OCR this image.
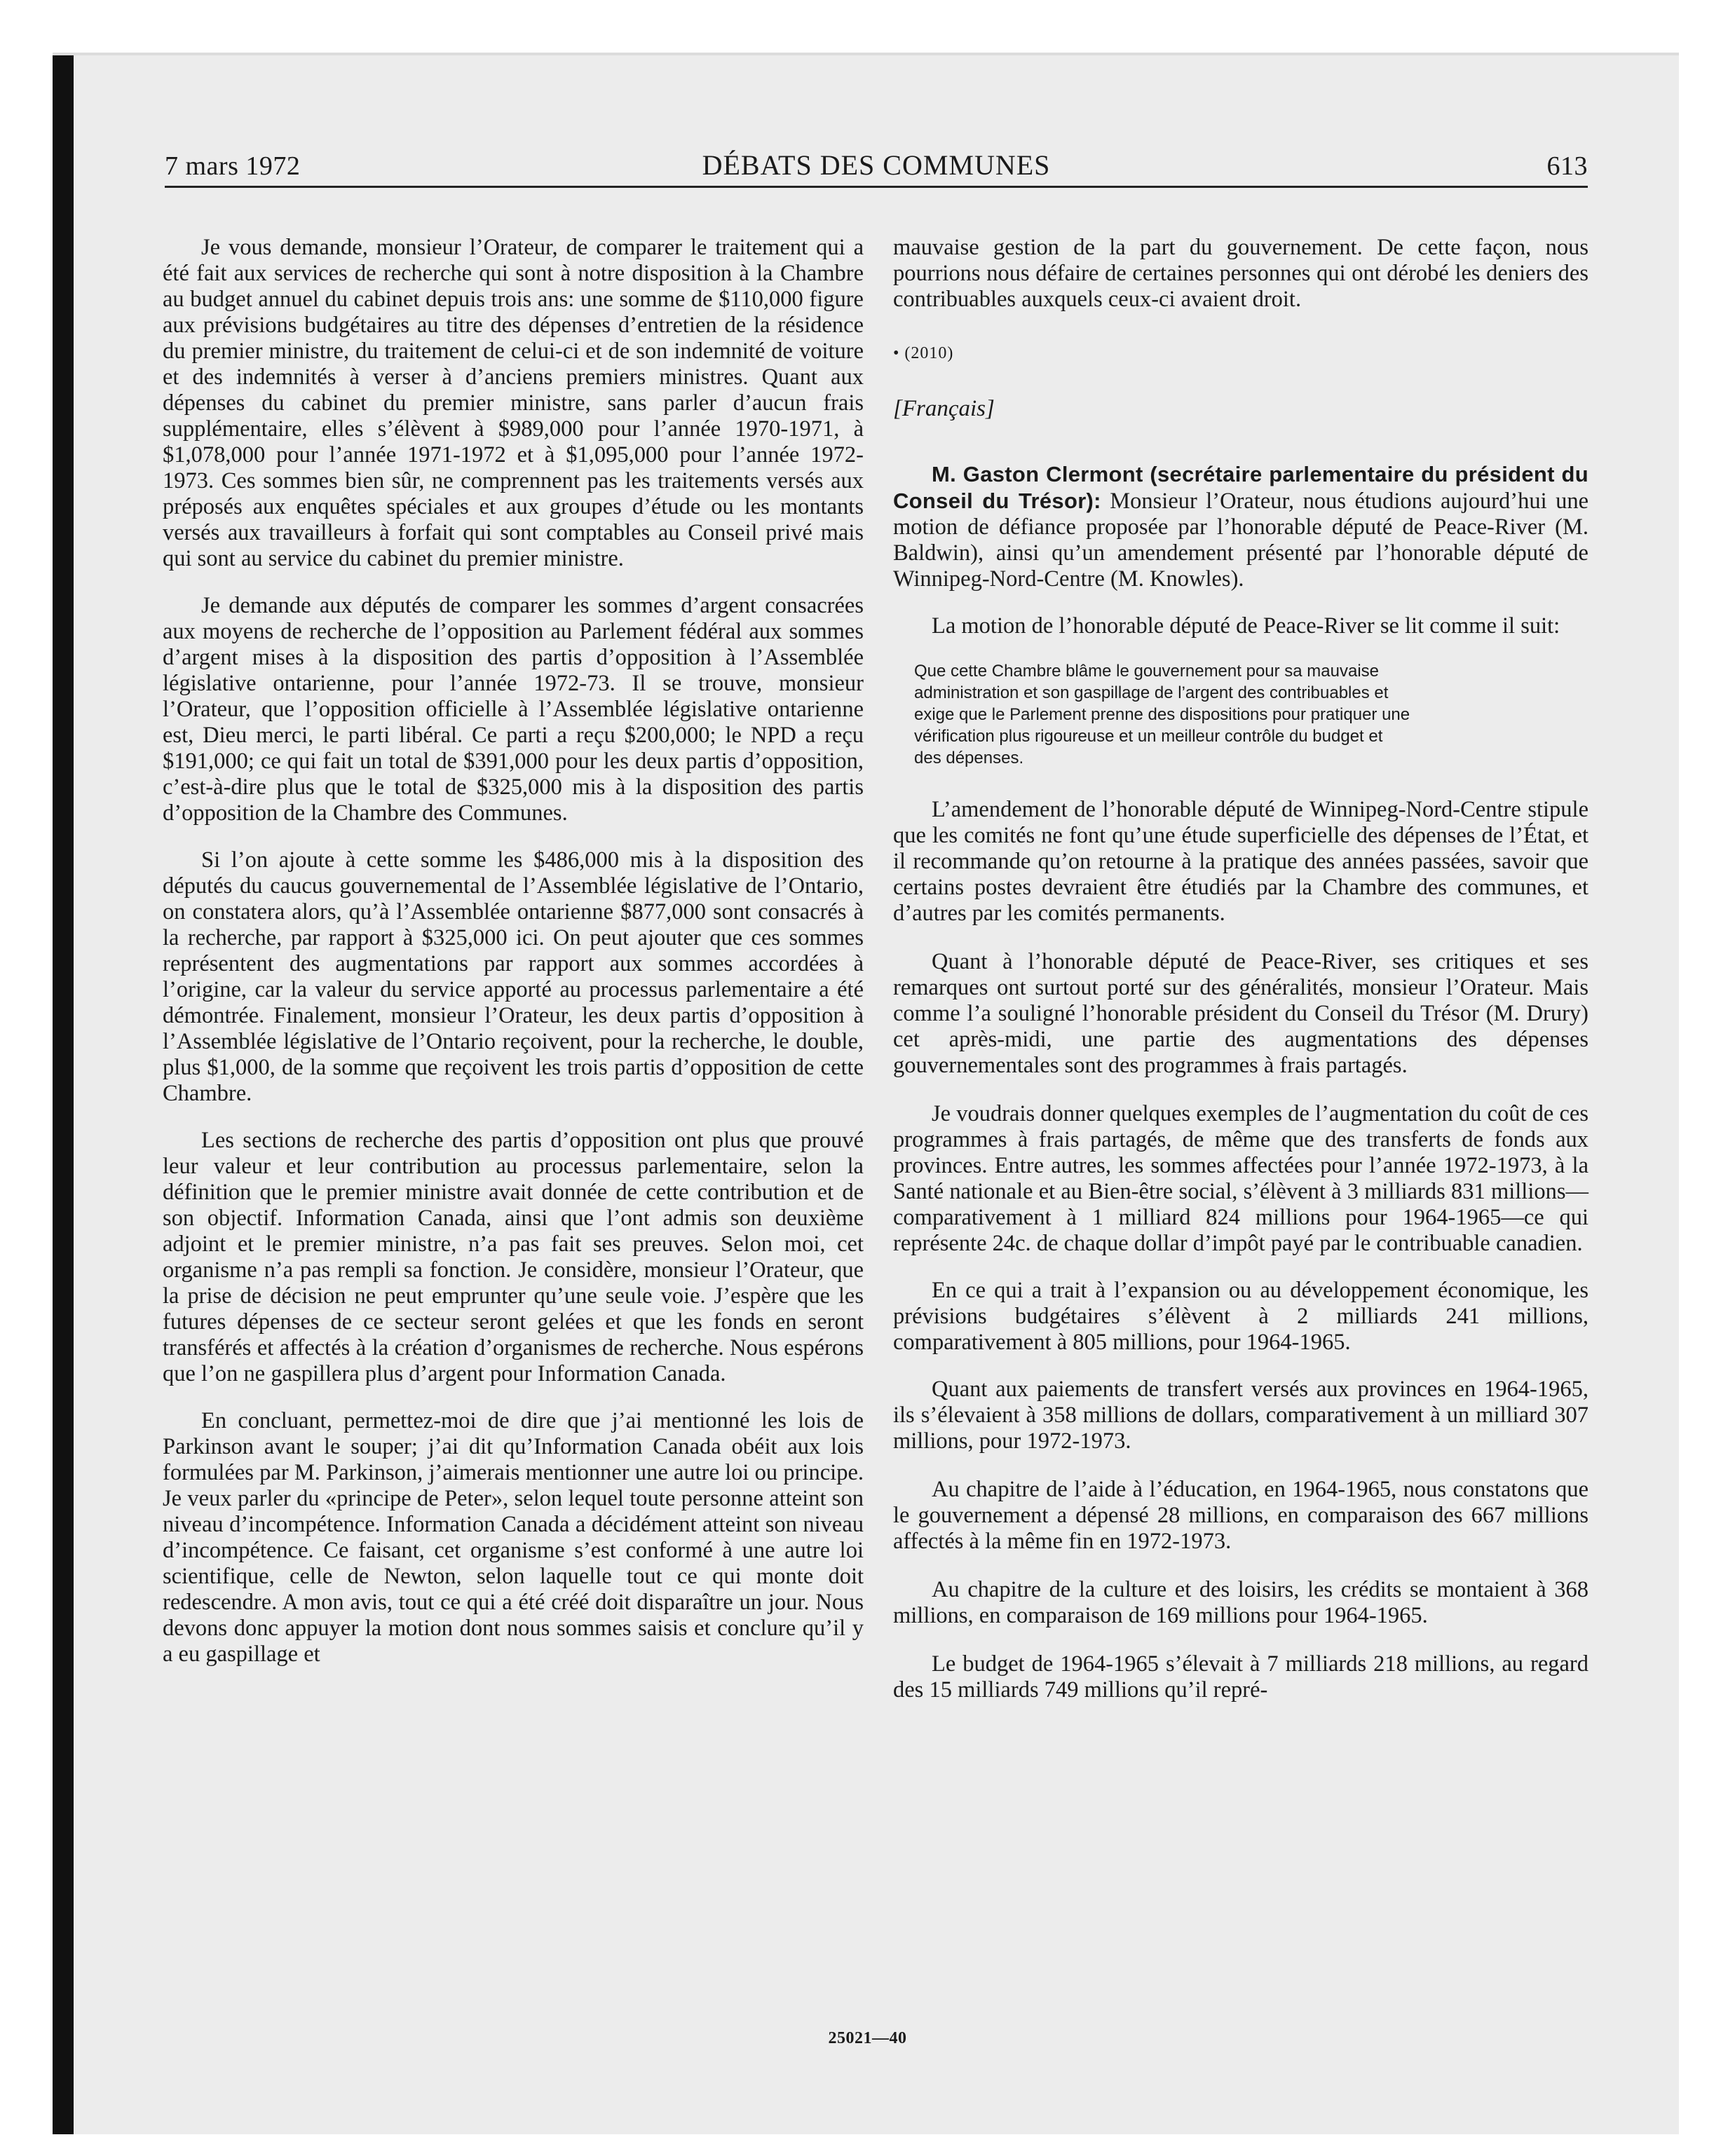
7 mars 1972	DÉBATS DES COMMUNES	613

Je vous demande, monsieur l’Orateur, de comparer le traitement qui a été fait aux services de recherche qui sont à notre disposition à la Chambre au budget annuel du cabinet depuis trois ans: une somme de $110,000 figure aux prévisions budgétaires au titre des dépenses d’entretien de la résidence du premier ministre, du traitement de celui-ci et de son indemnité de voiture et des indemnités à verser à d’anciens premiers ministres. Quant aux dépenses du cabinet du premier ministre, sans parler d’aucun frais supplémentaire, elles s’élèvent à $989,000 pour l’année 1970-1971, à $1,078,000 pour l’année 1971-1972 et à $1,095,000 pour l’année 1972-1973. Ces sommes bien sûr, ne comprennent pas les traitements versés aux préposés aux enquêtes spéciales et aux groupes d’étude ou les montants versés aux travailleurs à forfait qui sont comptables au Conseil privé mais qui sont au service du cabinet du premier ministre.

Je demande aux députés de comparer les sommes d’argent consacrées aux moyens de recherche de l’opposition au Parlement fédéral aux sommes d’argent mises à la disposition des partis d’opposition à l’Assemblée législative ontarienne, pour l’année 1972-73. Il se trouve, monsieur l’Orateur, que l’opposition officielle à l’Assemblée législative ontarienne est, Dieu merci, le parti libéral. Ce parti a reçu $200,000; le NPD a reçu $191,000; ce qui fait un total de $391,000 pour les deux partis d’opposition, c’est-à-dire plus que le total de $325,000 mis à la disposition des partis d’opposition de la Chambre des Communes.

Si l’on ajoute à cette somme les $486,000 mis à la disposition des députés du caucus gouvernemental de l’Assemblée législative de l’Ontario, on constatera alors, qu’à l’Assemblée ontarienne $877,000 sont consacrés à la recherche, par rapport à $325,000 ici. On peut ajouter que ces sommes représentent des augmentations par rapport aux sommes accordées à l’origine, car la valeur du service apporté au processus parlementaire a été démontrée. Finalement, monsieur l’Orateur, les deux partis d’opposition à l’Assemblée législative de l’Ontario reçoivent, pour la recherche, le double, plus $1,000, de la somme que reçoivent les trois partis d’opposition de cette Chambre.

Les sections de recherche des partis d’opposition ont plus que prouvé leur valeur et leur contribution au processus parlementaire, selon la définition que le premier ministre avait donnée de cette contribution et de son objectif. Information Canada, ainsi que l’ont admis son deuxième adjoint et le premier ministre, n’a pas fait ses preuves. Selon moi, cet organisme n’a pas rempli sa fonction. Je considère, monsieur l’Orateur, que la prise de décision ne peut emprunter qu’une seule voie. J’espère que les futures dépenses de ce secteur seront gelées et que les fonds en seront transférés et affectés à la création d’organismes de recherche. Nous espérons que l’on ne gaspillera plus d’argent pour Information Canada.

En concluant, permettez-moi de dire que j’ai mentionné les lois de Parkinson avant le souper; j’ai dit qu’Information Canada obéit aux lois formulées par M. Parkinson, j’aimerais mentionner une autre loi ou principe. Je veux parler du «principe de Peter», selon lequel toute personne atteint son niveau d’incompétence. Information Canada a décidément atteint son niveau d’incompétence. Ce faisant, cet organisme s’est conformé à une autre loi scientifique, celle de Newton, selon laquelle tout ce qui monte doit redescendre. A mon avis, tout ce qui a été créé doit disparaître un jour. Nous devons donc appuyer la motion dont nous sommes saisis et conclure qu’il y a eu gaspillage et

mauvaise gestion de la part du gouvernement. De cette façon, nous pourrions nous défaire de certaines personnes qui ont dérobé les deniers des contribuables auxquels ceux-ci avaient droit.

• (2010)
[Français]

M. Gaston Clermont (secrétaire parlementaire du président du Conseil du Trésor): Monsieur l’Orateur, nous étudions aujourd’hui une motion de défiance proposée par l’honorable député de Peace-River (M. Baldwin), ainsi qu’un amendement présenté par l’honorable député de Winnipeg-Nord-Centre (M. Knowles).

La motion de l’honorable député de Peace-River se lit comme il suit:

Que cette Chambre blâme le gouvernement pour sa mauvaise
administration et son gaspillage de l’argent des contribuables et
exige que le Parlement prenne des dispositions pour pratiquer une
vérification plus rigoureuse et un meilleur contrôle du budget et
des dépenses.

L’amendement de l’honorable député de Winnipeg-Nord-Centre stipule que les comités ne font qu’une étude superficielle des dépenses de l’État, et il recommande qu’on retourne à la pratique des années passées, savoir que certains postes devraient être étudiés par la Chambre des communes, et d’autres par les comités permanents.

Quant à l’honorable député de Peace-River, ses critiques et ses remarques ont surtout porté sur des généralités, monsieur l’Orateur. Mais comme l’a souligné l’honorable président du Conseil du Trésor (M. Drury) cet après-midi, une partie des augmentations des dépenses gouvernementales sont des programmes à frais partagés.

Je voudrais donner quelques exemples de l’augmentation du coût de ces programmes à frais partagés, de même que des transferts de fonds aux provinces. Entre autres, les sommes affectées pour l’année 1972-1973, à la Santé nationale et au Bien-être social, s’élèvent à 3 milliards 831 millions—comparativement à 1 milliard 824 millions pour 1964-1965—ce qui représente 24c. de chaque dollar d’impôt payé par le contribuable canadien.

En ce qui a trait à l’expansion ou au développement économique, les prévisions budgétaires s’élèvent à 2 milliards 241 millions, comparativement à 805 millions, pour 1964-1965.

Quant aux paiements de transfert versés aux provinces en 1964-1965, ils s’élevaient à 358 millions de dollars, comparativement à un milliard 307 millions, pour 1972-1973.

Au chapitre de l’aide à l’éducation, en 1964-1965, nous constatons que le gouvernement a dépensé 28 millions, en comparaison des 667 millions affectés à la même fin en 1972-1973.

Au chapitre de la culture et des loisirs, les crédits se montaient à 368 millions, en comparaison de 169 millions pour 1964-1965.

Le budget de 1964-1965 s’élevait à 7 milliards 218 millions, au regard des 15 milliards 749 millions qu’il repré-

25021—40
